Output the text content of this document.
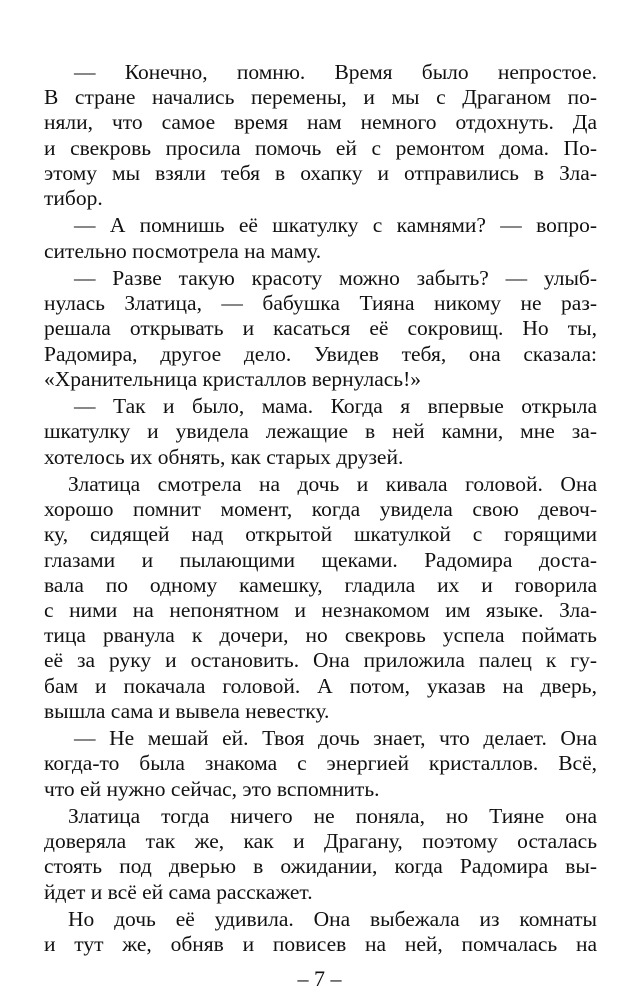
— Конечно, помню. Время было непростое.
В стране начались перемены, и мы с Драганом по-
няли, что самое время нам немного отдохнуть. Да
и свекровь просила помочь ей с ремонтом дома. По-
этому мы взяли тебя в охапку и отправились в Зла-
тибор.
— А помнишь её шкатулку с камнями? — вопро-
сительно посмотрела на маму.
— Разве такую красоту можно забыть? — улыб-
нулась Златица, — бабушка Тияна никому не раз-
решала открывать и касаться её сокровищ. Но ты,
Радомира, другое дело. Увидев тебя, она сказала:
«Хранительница кристаллов вернулась!»
— Так и было, мама. Когда я впервые открыла
шкатулку и увидела лежащие в ней камни, мне за-
хотелось их обнять, как старых друзей.
Златица смотрела на дочь и кивала головой. Она
хорошо помнит момент, когда увидела свою девоч-
ку, сидящей над открытой шкатулкой с горящими
глазами и пылающими щеками. Радомира доста-
вала по одному камешку, гладила их и говорила
с ними на непонятном и незнакомом им языке. Зла-
тица рванула к дочери, но свекровь успела поймать
её за руку и остановить. Она приложила палец к гу-
бам и покачала головой. А потом, указав на дверь,
вышла сама и вывела невестку.
— Не мешай ей. Твоя дочь знает, что делает. Она
когда-то была знакома с энергией кристаллов. Всё,
что ей нужно сейчас, это вспомнить.
Златица тогда ничего не поняла, но Тияне она
доверяла так же, как и Драгану, поэтому осталась
стоять под дверью в ожидании, когда Радомира вы-
йдет и всё ей сама расскажет.
Но дочь её удивила. Она выбежала из комнаты
и тут же, обняв и повисев на ней, помчалась на
– 7 –
